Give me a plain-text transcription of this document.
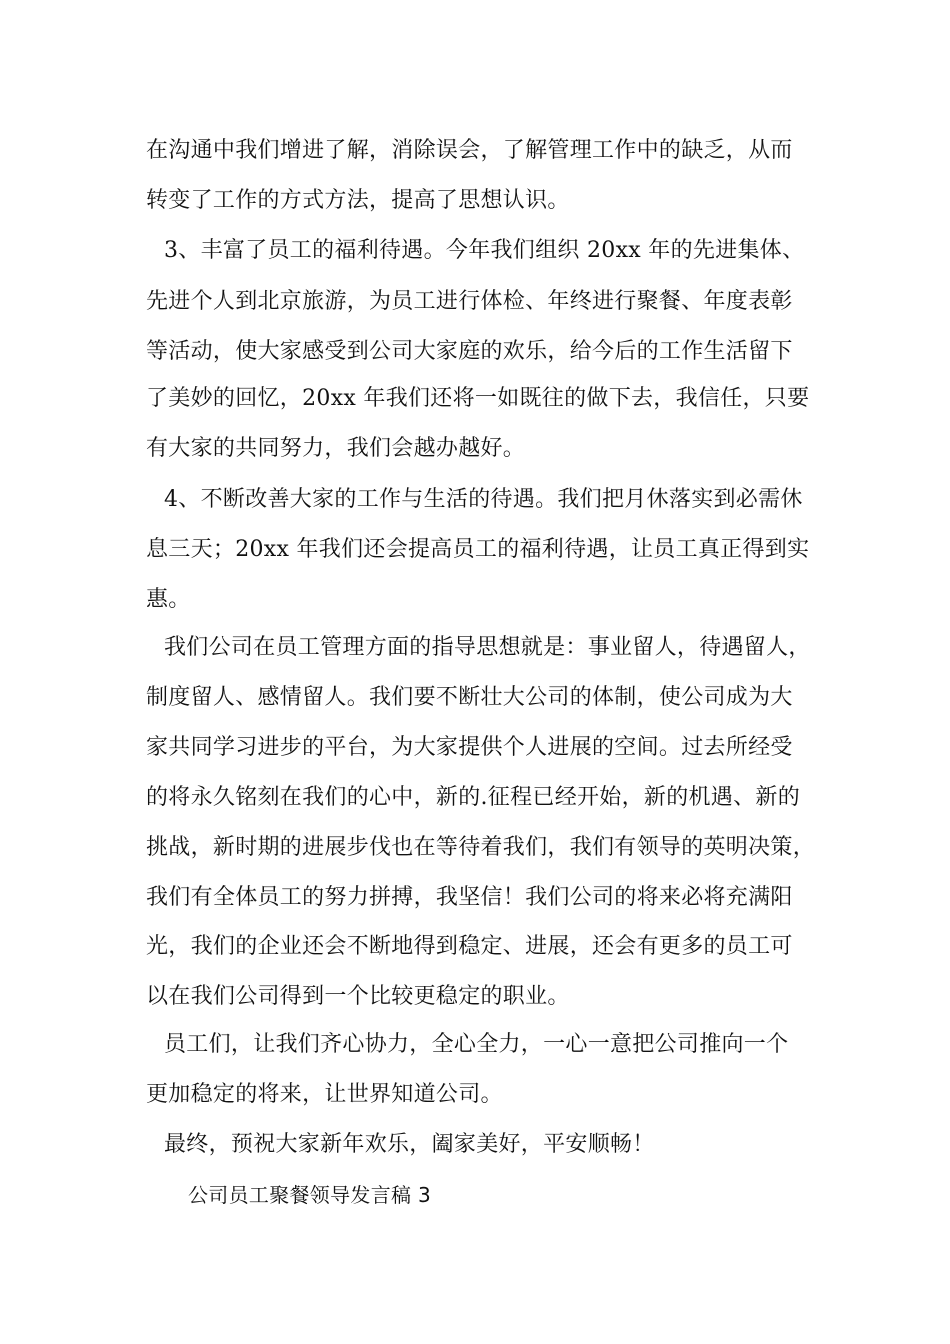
在沟通中我们增进了解，消除误会，了解管理工作中的缺乏，从而
转变了工作的方式方法，提高了思想认识。
3、丰富了员工的福利待遇。今年我们组织 20xx 年的先进集体、
先进个人到北京旅游，为员工进行体检、年终进行聚餐、年度表彰
等活动，使大家感受到公司大家庭的欢乐，给今后的工作生活留下
了美妙的回忆，20xx 年我们还将一如既往的做下去，我信任，只要
有大家的共同努力，我们会越办越好。
4、不断改善大家的工作与生活的待遇。我们把月休落实到必需休
息三天；20xx 年我们还会提高员工的福利待遇，让员工真正得到实
惠。
我们公司在员工管理方面的指导思想就是：事业留人，待遇留人，
制度留人、感情留人。我们要不断壮大公司的体制，使公司成为大
家共同学习进步的平台，为大家提供个人进展的空间。过去所经受
的将永久铭刻在我们的心中，新的.征程已经开始，新的机遇、新的
挑战，新时期的进展步伐也在等待着我们，我们有领导的英明决策，
我们有全体员工的努力拼搏，我坚信！我们公司的将来必将充满阳
光，我们的企业还会不断地得到稳定、进展，还会有更多的员工可
以在我们公司得到一个比较更稳定的职业。
员工们，让我们齐心协力，全心全力，一心一意把公司推向一个
更加稳定的将来，让世界知道公司。
最终，预祝大家新年欢乐，阖家美好，平安顺畅！
公司员工聚餐领导发言稿 3
